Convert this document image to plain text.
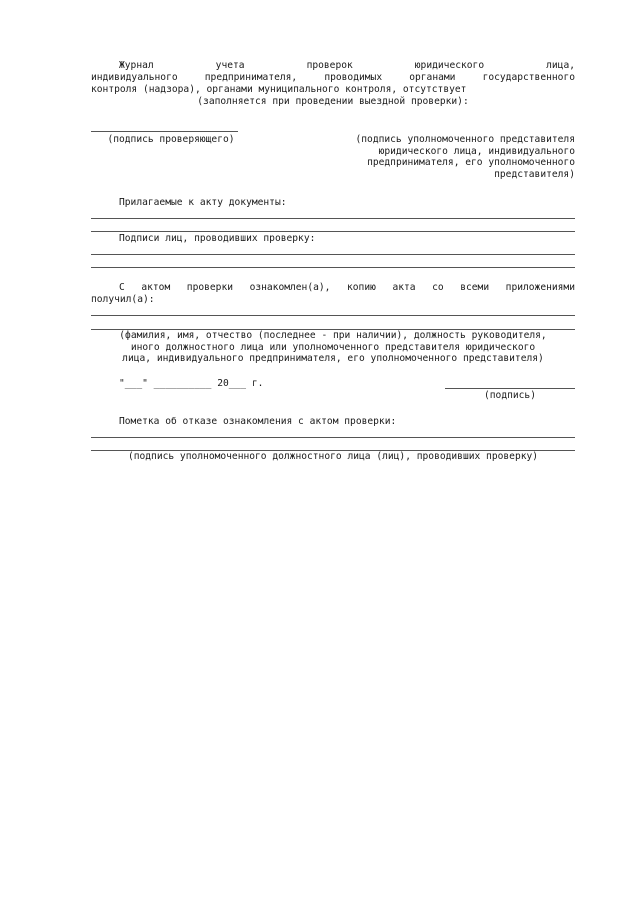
Журнал учета проверок юридического лица,
индивидуального предпринимателя, проводимых органами государственного
контроля (надзора), органами муниципального контроля, отсутствует
(заполняется при проведении выездной проверки):
(подпись проверяющего)	(подпись уполномоченного представителя
юридического лица, индивидуального
предпринимателя, его уполномоченного
представителя)
Прилагаемые к акту документы:
Подписи лиц, проводивших проверку:
С актом проверки ознакомлен(а), копию акта со всеми приложениями
получил(а):
(фамилия, имя, отчество (последнее - при наличии), должность руководителя,
иного должностного лица или уполномоченного представителя юридического
лица, индивидуального предпринимателя, его уполномоченного представителя)
"___" __________ 20___ г.
(подпись)
Пометка об отказе ознакомления с актом проверки:
(подпись уполномоченного должностного лица (лиц), проводивших проверку)
